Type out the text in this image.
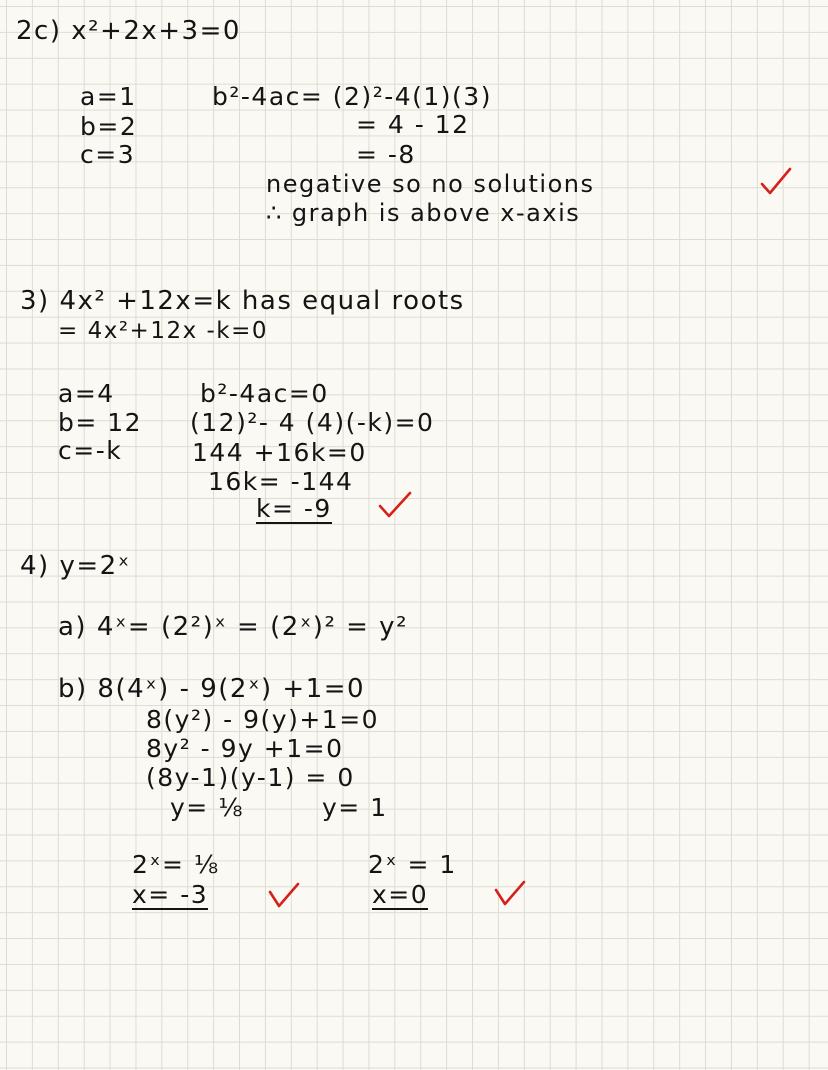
2c) x²+2x+3=0
a=1
b=2
c=3
b²-4ac= (2)²-4(1)(3)
= 4 - 12
= -8
negative so no solutions
∴ graph is above x-axis
3) 4x² +12x=k has equal roots
= 4x²+12x -k=0
a=4
b= 12
c=-k
b²-4ac=0
(12)²- 4 (4)(-k)=0
144 +16k=0
16k= -144
k= -9
4) y=2ˣ
a) 4ˣ= (2²)ˣ = (2ˣ)² = y²
b) 8(4ˣ) - 9(2ˣ) +1=0
8(y²) - 9(y)+1=0
8y² - 9y +1=0
(8y-1)(y-1) = 0
y= ⅛	y= 1
2ˣ= ⅛
x= -3
2ˣ = 1
x=0
